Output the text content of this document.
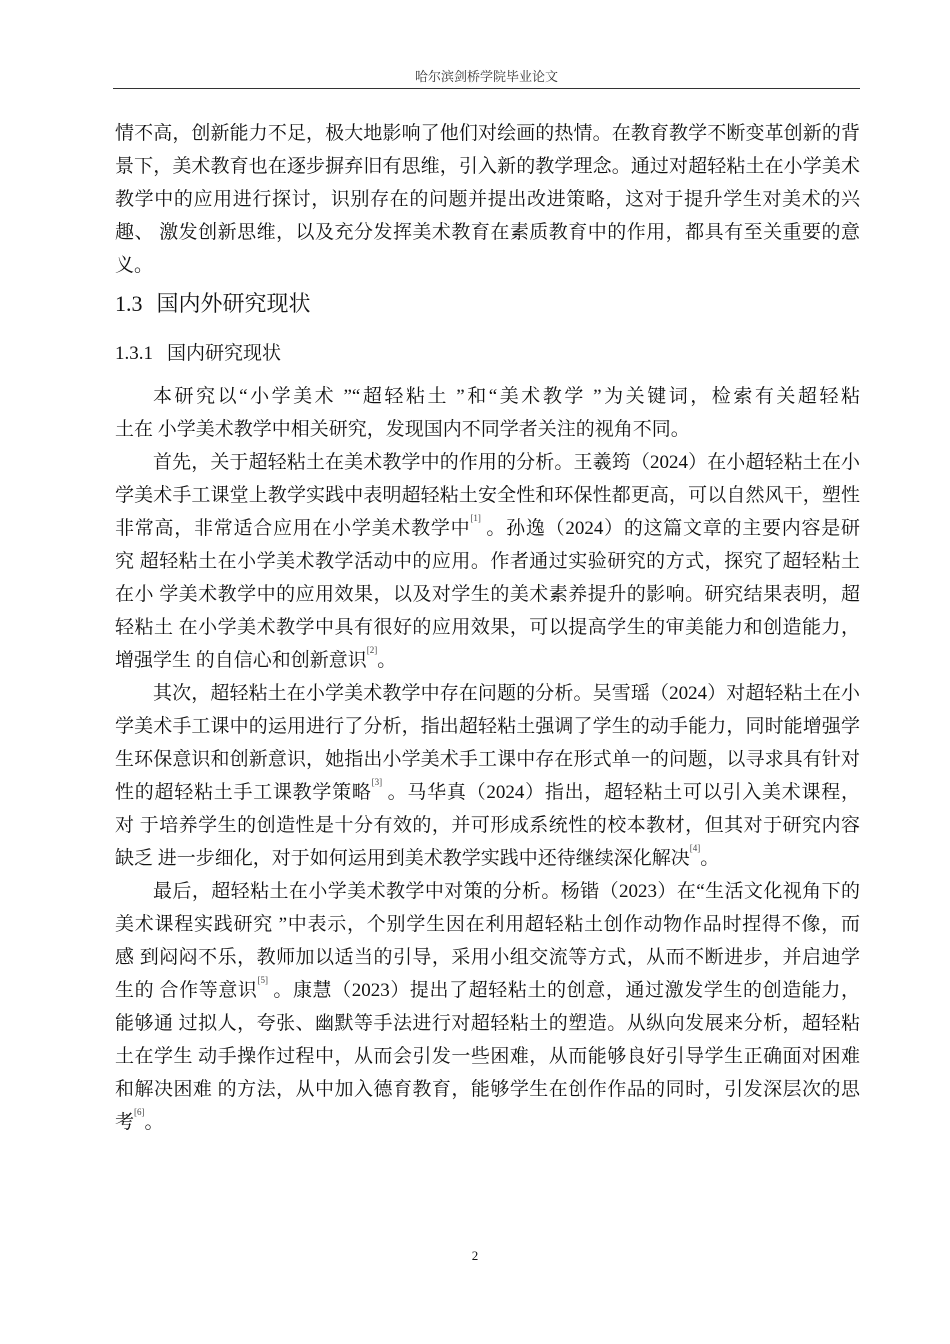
哈尔滨剑桥学院毕业论文
情不高，创新能力不足，极大地影响了他们对绘画的热情。在教育教学不断变革创新的背
景下，美术教育也在逐步摒弃旧有思维，引入新的教学理念。通过对超轻粘土在小学美术
教学中的应用进行探讨，识别存在的问题并提出改进策略，这对于提升学生对美术的兴
趣、 激发创新思维，以及充分发挥美术教育在素质教育中的作用，都具有至关重要的意
义。
1.3 国内外研究现状
1.3.1 国内研究现状
本研究以“小学美术 ”“超轻粘土 ”和“美术教学 ”为关键词，检索有关超轻粘
土在 小学美术教学中相关研究，发现国内不同学者关注的视角不同。
首先，关于超轻粘土在美术教学中的作用的分析。王羲筠（2024）在小超轻粘土在小
学美术手工课堂上教学实践中表明超轻粘土安全性和环保性都更高，可以自然风干，塑性
非常高，非常适合应用在小学美术教学中[1] 。孙逸（2024）的这篇文章的主要内容是研
究 超轻粘土在小学美术教学活动中的应用。作者通过实验研究的方式，探究了超轻粘土
在小 学美术教学中的应用效果，以及对学生的美术素养提升的影响。研究结果表明，超
轻粘土 在小学美术教学中具有很好的应用效果，可以提高学生的审美能力和创造能力，
增强学生 的自信心和创新意识[2]。
其次，超轻粘土在小学美术教学中存在问题的分析。吴雪瑶（2024）对超轻粘土在小
学美术手工课中的运用进行了分析，指出超轻粘土强调了学生的动手能力，同时能增强学
生环保意识和创新意识，她指出小学美术手工课中存在形式单一的问题，以寻求具有针对
性的超轻粘土手工课教学策略[3] 。马华真（2024）指出，超轻粘土可以引入美术课程，
对 于培养学生的创造性是十分有效的，并可形成系统性的校本教材，但其对于研究内容
缺乏 进一步细化，对于如何运用到美术教学实践中还待继续深化解决[4]。
最后，超轻粘土在小学美术教学中对策的分析。杨锴（2023）在“生活文化视角下的
美术课程实践研究 ”中表示，个别学生因在利用超轻粘土创作动物作品时捏得不像，而
感 到闷闷不乐，教师加以适当的引导，采用小组交流等方式，从而不断进步，并启迪学
生的 合作等意识[5] 。康慧（2023）提出了超轻粘土的创意，通过激发学生的创造能力，
能够通 过拟人，夸张、幽默等手法进行对超轻粘土的塑造。从纵向发展来分析，超轻粘
土在学生 动手操作过程中，从而会引发一些困难，从而能够良好引导学生正确面对困难
和解决困难 的方法，从中加入德育教育，能够学生在创作作品的同时，引发深层次的思
考[6]。
2
